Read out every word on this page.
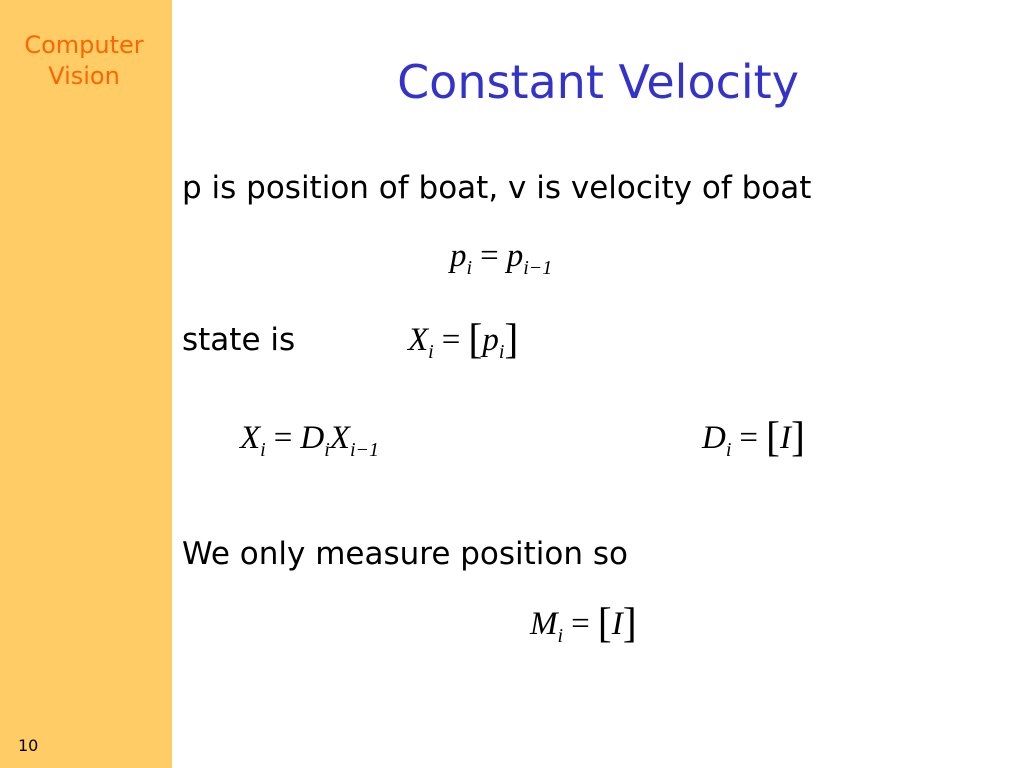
Computer
Vision
10
Constant Velocity
p is position of boat, v is velocity of boat
$p_i = p_{i-1}$
state is	$X_i = [p_i]$
$X_i = D_iX_{i-1}$	$D_i = [I]$
We only measure position so
$M_i = [I]$
